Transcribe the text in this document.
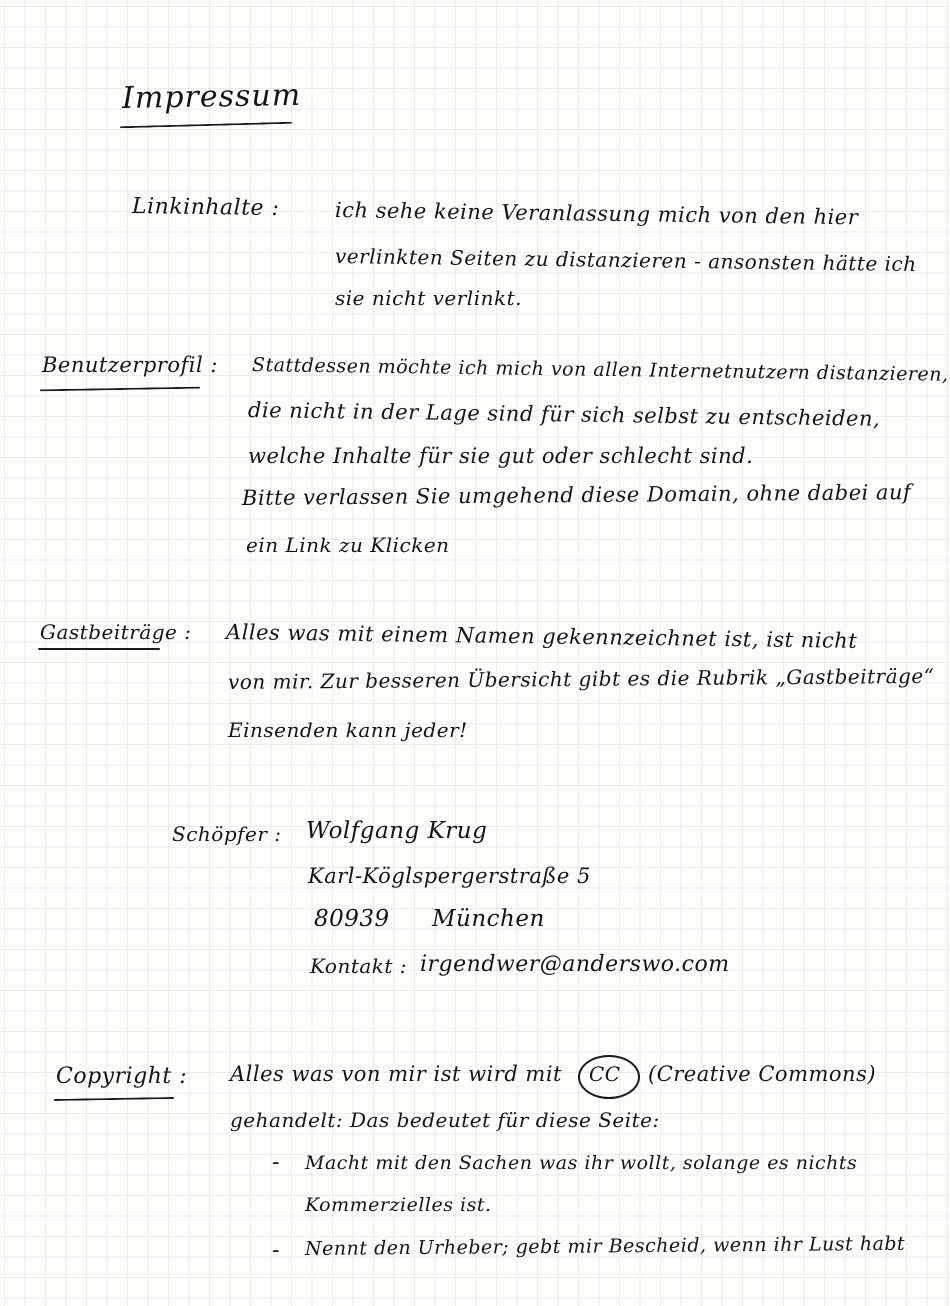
Impressum
Linkinhalte :	ich sehe keine Veranlassung mich von den hier
verlinkten Seiten zu distanzieren - ansonsten hätte ich
sie nicht verlinkt.
Benutzerprofil : Stattdessen möchte ich mich von allen Internetnutzern distanzieren,
die nicht in der Lage sind für sich selbst zu entscheiden,
welche Inhalte für sie gut oder schlecht sind.
Bitte verlassen Sie umgehend diese Domain, ohne dabei auf
ein Link zu Klicken
Gastbeiträge : Alles was mit einem Namen gekennzeichnet ist, ist nicht
von mir. Zur besseren Übersicht gibt es die Rubrik „Gastbeiträge“
Einsenden kann jeder!
Schöpfer : Wolfgang Krug
Karl-Köglspergerstraße 5
80939 München
Kontakt : irgendwer@anderswo.com
Copyright : Alles was von mir ist wird mit CC (Creative Commons)
gehandelt: Das bedeutet für diese Seite:
- Macht mit den Sachen was ihr wollt, solange es nichts
Kommerzielles ist.
- Nennt den Urheber; gebt mir Bescheid, wenn ihr Lust habt
